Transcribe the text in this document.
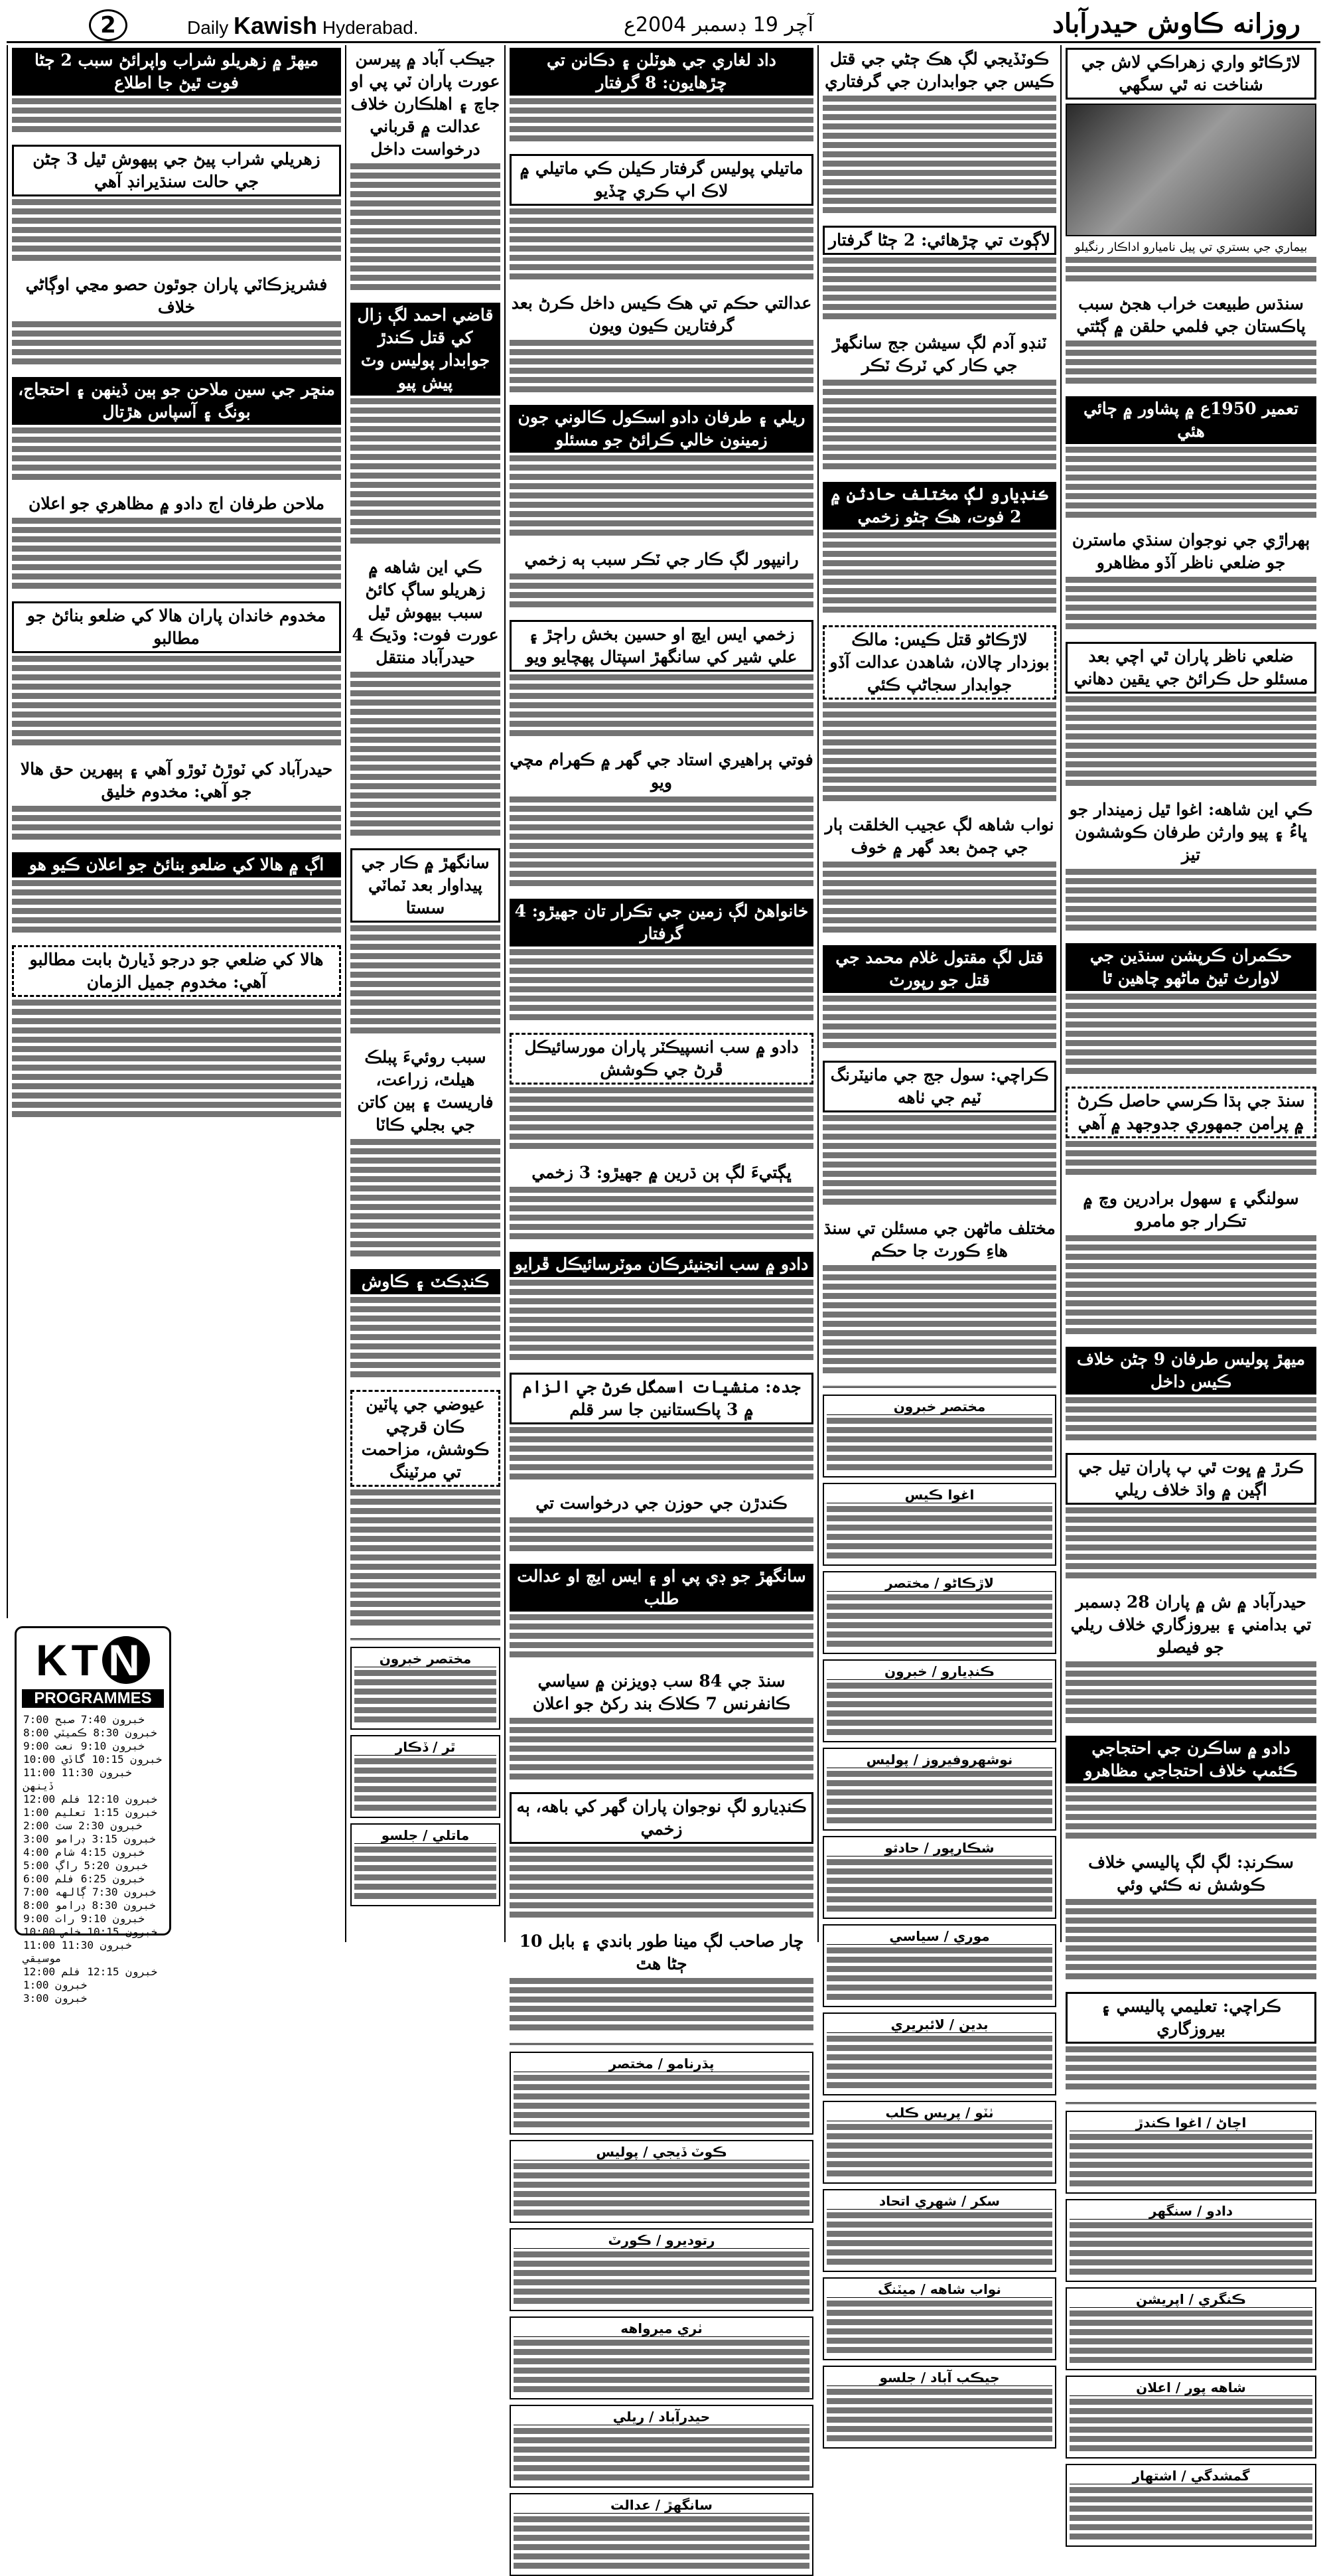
2	Daily Kawish Hyderabad.	آچر 19 ڊسمبر 2004ع	روزانه ڪاوش حيدرآباد
لاڙڪاڻو واري زهراڪي لاش جي شناخت نه ٿي سگهي
بيماري جي بستري تي پيل ناميارو اداڪار رنگيلو
سنڌس طبيعت خراب هجڻ سبب پاڪستان جي فلمي حلقن ۾ ڳڻتي
تعمير 1950ع ۾ پشاور ۾ ڄائي هئي
ٻهراڙي جي نوجوان سنڌي ماسترن جو ضلعي ناظر آڏو مظاهرو
ضلعي ناظر پاران ٿي اچي بعد مسئلو حل ڪرائڻ جي يقين دهاني
ڪي اين شاهه: اغوا ٿيل زميندار جو ڀاءُ ۽ پيو وارثن طرفان ڪوششون تيز
حڪمران ڪرپشن سنڌين جي لاوارث ٿيڻ ماڻهو چاهين ٿا
سنڌ جي ٻڌا ڪرسي حاصل ڪرڻ ۾ پرامن جمهوري جدوجهد ۾ آهي
سولنگي ۽ سهول برادرين وچ ۾ تڪرار جو مامرو
ميهڙ پوليس طرفان 9 ڄڻن خلاف ڪيس داخل
ڪرڙ ۾ ڀوت ٿي پ پاران تيل جي اڳين ۾ واڌ خلاف ريلي
حيدرآباد ۾ ش ۾ پاران 28 ڊسمبر تي بدامني ۽ بيروزگاري خلاف ريلي جو فيصلو
دادو ۾ ساڪرن جي احتجاجي ڪئمپ خلاف احتجاجي مظاهرو
سڪرنڊ: لڳ لڳ پاليسي خلاف ڪوشش نه ڪئي وئي
ڪراچي: تعليمي پاليسي ۽ بيروزگاري
اچاڻ / اغوا ڪندڙ
دادو / سنگهر
ڪنگري / اپريشن
شاهه پور / اعلان
گمشدگي / اشتهار
ڪوٽڏيجي لڳ هڪ ڄڻي جي قتل ڪيس جي جوابدارن جي گرفتاري
لاڳوٽ تي چڙهائي: 2 ڄڻا گرفتار
ٽنڊو آدم لڳ سيشن جج سانگهڙ جي ڪار کي ٽرڪ ٽڪر
ڪنڊيارو لڳ مختلف حادثن ۾ 2 فوت، هڪ ڄڻو زخمي
لاڙڪاڻو قتل ڪيس: مالڪ بوزدار چالان، شاهدن عدالت آڏو جوابدار سجاڻپ ڪئي
نواب شاهه لڳ عجيب الخلقت ٻار جي ڄمڻ بعد گهر ۾ خوف
قتل لڳ مقتول غلام محمد جي قتل جو رپورٽ
ڪراچي: سول جج جي مانيٽرنگ ٽيم جي ٺاهه
مختلف ماڻهن جي مسئلن تي سنڌ هاءِ ڪورٽ جا حڪم
مختصر خبرون
اغوا ڪيس
لاڙڪاڻو / مختصر
ڪنڊيارو / خبرون
نوشهروفيروز / پوليس
شڪارپور / حادثو
موري / سياسي
بدين / لائبريري
ٺٽو / پريس ڪلب
سکر / شهري اتحاد
نواب شاهه / ميٽنگ
جيڪب آباد / جلسو
داد لغاري جي هوٽلن ۽ دڪانن تي چڙهايون: 8 گرفتار
ماتيلي پوليس گرفتار ڪيلن ڪي ماتيلي ۾ لاڪ اپ ڪري ڇڏيو
عدالتي حڪم تي هڪ ڪيس داخل ڪرڻ بعد گرفتارين ڪيون ويون
ريلي ۽ طرفان دادو اسڪول ڪالوني جون زمينون خالي ڪرائڻ جو مسئلو
رانيپور لڳ ڪار جي ٽڪر سبب ٻه زخمي
زخمي ايس ايچ او حسين بخش راڄڙ ۽ علي شير کي سانگهڙ اسپتال پهچايو ويو
فوتي ٻراهيري استاد جي گهر ۾ ڪهرام مچي ويو
خانواهڻ لڳ زمين جي تڪرار تان جهيڙو: 4 گرفتار
دادو ۾ سب انسپيڪٽر پاران مورسائيڪل ڦرڻ جي ڪوشش
ڀڳتيءَ لڳ ٻن ڌرين ۾ جهيڙو: 3 زخمي
دادو ۾ سب انجنيئرڪان موٽرسائيڪل ڦرايو
جده: منشيات اسمگل ڪرڻ جي الزام ۾ 3 پاڪستانين جا سر قلم
ڪندڙن جي حوزن جي درخواست تي
سانگهڙ جو ڊي پي او ۽ ايس ايچ او عدالت طلب
سنڌ جي 84 سب ڊويزنن ۾ سياسي ڪانفرنس 7 ڪلاڪ بند رکڻ جو اعلان
ڪنڊيارو لڳ نوجوان پاران گهر کي باهه، ٻه زخمي
چار صاحب لڳ مينا طور باندي ۽ بابل 10 ڄڻا هٿ
پڌرنامو / مختصر
ڪوٽ ڏيجي / پوليس
رتوديرو / ڪورٽ
ٺري ميرواهه
حيدرآباد / ريلي
سانگهڙ / عدالت
جيڪب آباد ۾ پيرسن عورت پاران ٽي پي او جاچ ۽ اهلڪارن خلاف عدالت ۾ قرباني درخواست داخل
قاضي احمد لڳ زال کي قتل ڪندڙ جوابدار پوليس وٽ پيش پيو
ڪي اين شاهه ۾ زهريلو ساڳ کائڻ سبب بيهوش ٿيل عورت فوت: وڌيڪ 4 حيدرآباد منتقل
سانگهڙ ۾ ڪار جي پيداوار بعد ٽماٽي سستا
سبب روئيءَ پبلڪ هيلٿ، زراعت، فاريسٽ ۽ ٻين کاتن جي بجلي ڪاٽا
ڪنڊڪٽ ۽ ڪاوش
عيوضي جي پاٽين ڪان قرچي ڪوشش، مزاحمت تي مرٽينگ
مختصر خبرون
ٿر / ڏڪار
ماتلي / جلسو
ميهڙ ۾ زهريلو شراب واپرائڻ سبب 2 ڄڻا فوت ٿيڻ جا اطلاع
زهريلي شراب پيڻ جي ٻيهوش ٿيل 3 ڄڻن جي حالت سنڌيرانڊ آهي
فشريزڪاٽي پاران جوٿون حصو مڃي اوڳاڻي خلاف
منڇر جي سين ملاحن جو ٻين ڏينهن ۽ احتجاج، بونگ ۽ آسپاس هڙتال
ملاحن طرفان اڄ دادو ۾ مظاهري جو اعلان
مخدوم خاندان پاران هالا کي ضلعو بنائڻ جو مطالبو
حيدرآباد کي ٽوڙڻ ٽوڙو آهي ۽ ٻيهرين حق هالا جو آهي: مخدوم خليق
اڳ ۾ هالا کي ضلعو بنائڻ جو اعلان ڪيو هو
هالا کي ضلعي جو درجو ڏيارڻ بابت مطالبو آهي: مخدوم جميل الزمان
KT N
PROGRAMMES
7:00 خبرون 7:40 صبح
8:00 خبرون 8:30 ڪميٽي
9:00 خبرون 9:10 نعت
10:00 خبرون 10:15 گاڏي
11:00 خبرون 11:30 ڏينهن
12:00 خبرون 12:10 فلم
1:00 خبرون 1:15 تعليم
2:00 خبرون 2:30 سٽ
3:00 خبرون 3:15 ڊرامو
4:00 خبرون 4:15 شام
5:00 خبرون 5:20 راڳ
6:00 خبرون 6:25 فلم
7:00 خبرون 7:30 ڳالهه
8:00 خبرون 8:30 ڊرامو
9:00 خبرون 9:10 رات
10:00 خبرون 10:15 خاص
11:00 خبرون 11:30 موسيقي
12:00 خبرون 12:15 فلم
1:00 خبرون
3:00 خبرون
